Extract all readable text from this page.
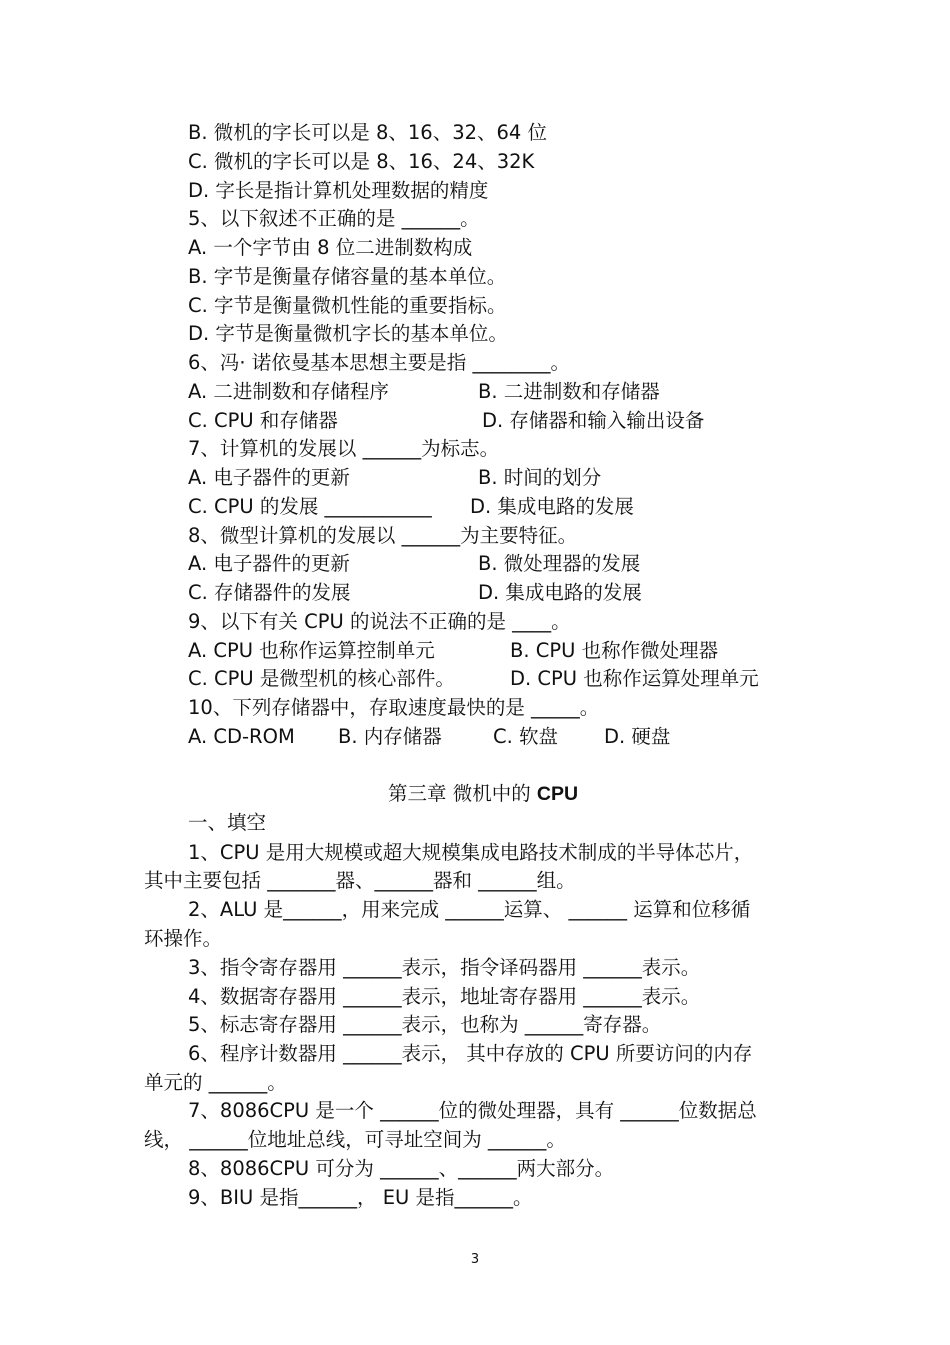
B. 微机的字长可以是 8、16、32、64 位
C. 微机的字长可以是 8、16、24、32K
D. 字长是指计算机处理数据的精度
5、以下叙述不正确的是 ______。
A. 一个字节由 8 位二进制数构成
B. 字节是衡量存储容量的基本单位。
C. 字节是衡量微机性能的重要指标。
D. 字节是衡量微机字长的基本单位。
6、冯· 诺依曼基本思想主要是指 ________。
A. 二进制数和存储程序	B. 二进制数和存储器
C. CPU 和存储器	D. 存储器和输入输出设备
7、计算机的发展以 ______为标志。
A. 电子器件的更新	B. 时间的划分
C. CPU 的发展 ___________ D. 集成电路的发展
8、微型计算机的发展以 ______为主要特征。
A. 电子器件的更新	B. 微处理器的发展
C. 存储器件的发展	D. 集成电路的发展
9、以下有关 CPU 的说法不正确的是 ____。
A. CPU 也称作运算控制单元	B. CPU 也称作微处理器
C. CPU 是微型机的核心部件。	D. CPU 也称作运算处理单元
10、下列存储器中，存取速度最快的是 _____。
A. CD-ROM B. 内存储器	C. 软盘 D. 硬盘
第三章 微机中的 CPU
一、填空
1、CPU 是用大规模或超大规模集成电路技术制成的半导体芯片，
其中主要包括 _______器、______器和 ______组。
2、ALU 是______，用来完成 ______运算、 ______ 运算和位移循
环操作。
3、指令寄存器用 ______表示，指令译码器用 ______表示。
4、数据寄存器用 ______表示，地址寄存器用 ______表示。
5、标志寄存器用 ______表示，也称为 ______寄存器。
6、程序计数器用 ______表示， 其中存放的 CPU 所要访问的内存
单元的 ______。
7、8086CPU 是一个 ______位的微处理器，具有 ______位数据总
线， ______位地址总线，可寻址空间为 ______。
8、8086CPU 可分为 ______、______两大部分。
9、BIU 是指______， EU 是指______。
3
